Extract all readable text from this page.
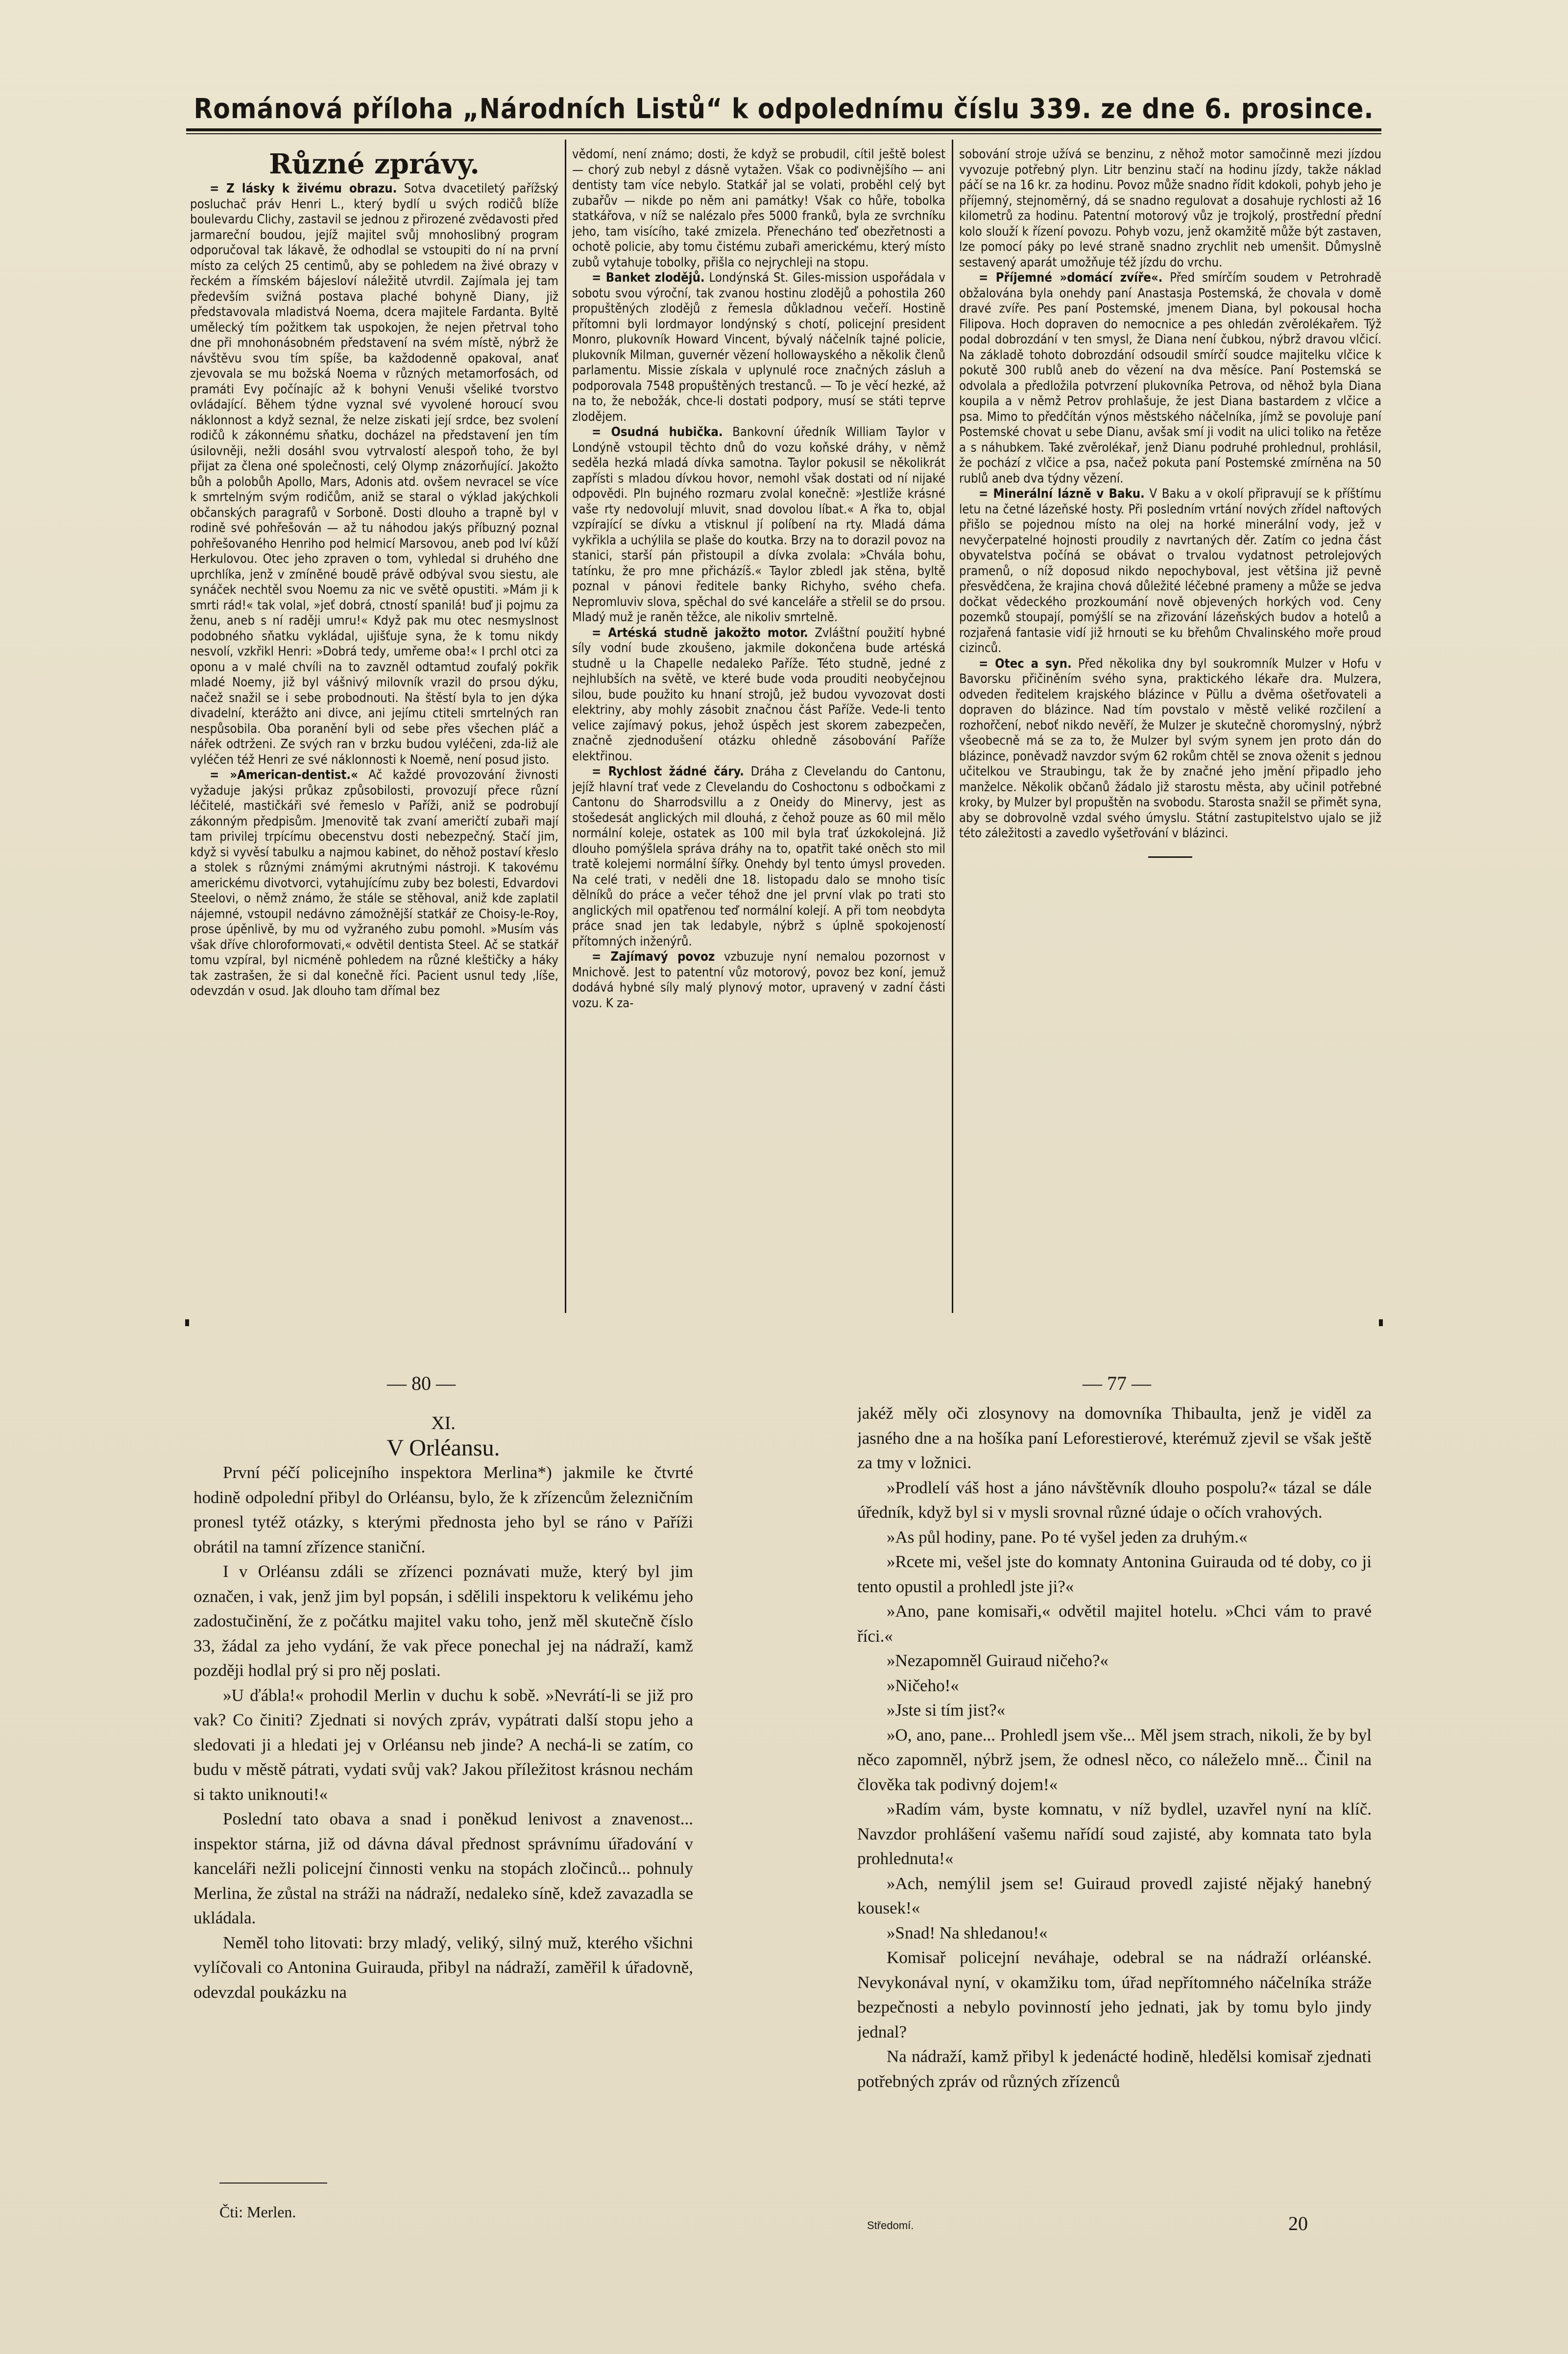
Románová příloha „Národních Listů“ k odpolednímu číslu 339. ze dne 6. prosince.

Různé zprávy.

= Z lásky k živému obrazu. Sotva dvacetiletý pařížský posluchač práv Henri L., který bydlí u svých rodičů blíže boulevardu Clichy, zastavil se jednou z přirozené zvědavosti před jarmareční boudou, jejíž majitel svůj mnohoslibný program odporučoval tak lákavě, že odhodlal se vstoupiti do ní na první místo za celých 25 centimů, aby se pohledem na živé obrazy v řeckém a římském bájesloví náležitě utvrdil. Zajímala jej tam především svižná postava plaché bohyně Diany, již představovala mladistvá Noema, dcera majitele Fardanta. Byltě umělecký tím požitkem tak uspokojen, že nejen přetrval toho dne při mnohonásobném představení na svém místě, nýbrž že návštěvu svou tím spíše, ba každodenně opakoval, anať zjevovala se mu božská Noema v různých metamorfosách, od pramáti Evy počínajíc až k bohyni Venuši všeliké tvorstvo ovládající. Během týdne vyznal své vyvolené horoucí svou náklonnost a když seznal, že nelze ziskati její srdce, bez svolení rodičů k zákonnému sňatku, docházel na představení jen tím úsilovněji, nežli dosáhl svou vytrvalostí alespoň toho, že byl přijat za člena oné společnosti, celý Olymp znázorňující. Jakožto bůh a polobůh Apollo, Mars, Adonis atd. ovšem nevracel se více k smrtelným svým rodičům, aniž se staral o výklad jakýchkoli občanských paragrafů v Sorboně. Dosti dlouho a trapně byl v rodině své pohřešován — až tu náhodou jakýs příbuzný poznal pohřešovaného Henriho pod helmicí Marsovou, aneb pod lví kůží Herkulovou. Otec jeho zpraven o tom, vyhledal si druhého dne uprchlíka, jenž v zmíněné boudě právě odbýval svou siestu, ale synáček nechtěl svou Noemu za nic ve světě opustiti. »Mám ji k smrti rád!« tak volal, »jeť dobrá, ctností spanilá! buď ji pojmu za ženu, aneb s ní raději umru!« Když pak mu otec nesmyslnost podobného sňatku vykládal, ujišťuje syna, že k tomu nikdy nesvolí, vzkřikl Henri: »Dobrá tedy, umřeme oba!« I prchl otci za oponu a v malé chvíli na to zavzněl odtamtud zoufalý pokřik mladé Noemy, již byl vášnivý milovník vrazil do prsou dýku, načež snažil se i sebe probodnouti. Na štěstí byla to jen dýka divadelní, kterážto ani divce, ani jejímu ctiteli smrtelných ran nespůsobila. Oba poranění byli od sebe přes všechen pláč a nářek odtrženi. Ze svých ran v brzku budou vyléčeni, zda-liž ale vyléčen též Henri ze své náklonnosti k Noemě, není posud jisto.

= »American-dentist.« Ač každé provozování živnosti vyžaduje jakýsi průkaz způsobilosti, provozují přece různí léčitelé, mastičkáři své řemeslo v Paříži, aniž se podrobují zákonným předpisům. Jmenovitě tak zvaní američtí zubaři mají tam privilej trpícímu obecenstvu dosti nebezpečný. Stačí jim, když si vyvěsí tabulku a najmou kabinet, do něhož postaví křeslo a stolek s různými známými akrutnými nástroji. K takovému americkému divotvorci, vytahujícímu zuby bez bolesti, Edvardovi Steelovi, o němž známo, že stále se stěhoval, aniž kde zaplatil nájemné, vstoupil nedávno zámožnější statkář ze Choisy-le-Roy, prose úpěnlivě, by mu od vyžraného zubu pomohl. »Musím vás však dříve chloroformovati,« odvětil dentista Steel. Ač se statkář tomu vzpíral, byl nicméně pohledem na různé kleštičky a háky tak zastrašen, že si dal konečně říci. Pacient usnul tedy ‚líše, odevzdán v osud. Jak dlouho tam dřímal bez

vědomí, není známo; dosti, že když se probudil, cítil ještě bolest — chorý zub nebyl z dásně vytažen. Však co podivnějšího — ani dentisty tam více nebylo. Statkář jal se volati, proběhl celý byt zubařův — nikde po něm ani památky! Však co hůře, tobolka statkářova, v níž se nalézalo přes 5000 franků, byla ze svrchníku jeho, tam visícího, také zmizela. Přenecháno teď obezřetnosti a ochotě policie, aby tomu čistému zubaři americkému, který místo zubů vytahuje tobolky, přišla co nejrychleji na stopu.

= Banket zlodějů. Londýnská St. Giles-mission uspořádala v sobotu svou výroční, tak zvanou hostinu zlodějů a pohostila 260 propuštěných zlodějů z řemesla důkladnou večeří. Hostině přítomni byli lordmayor londýnský s chotí, policejní president Monro, plukovník Howard Vincent, bývalý náčelník tajné policie, plukovník Milman, guvernér vězení hollowayského a několik členů parlamentu. Missie získala v uplynulé roce značných zásluh a podporovala 7548 propuštěných trestanců. — To je věcí hezké, až na to, že nebožák, chce-li dostati podpory, musí se státi teprve zlodějem.

= Osudná hubička. Bankovní úředník William Taylor v Londýně vstoupil těchto dnů do vozu koňské dráhy, v němž seděla hezká mladá dívka samotna. Taylor pokusil se několikrát zapřísti s mladou dívkou hovor, nemohl však dostati od ní nijaké odpovědi. Pln bujného rozmaru zvolal konečně: »Jestliže krásné vaše rty nedovolují mluvit, snad dovolou líbat.« A řka to, objal vzpírající se dívku a vtisknul jí políbení na rty. Mladá dáma vykřikla a uchýlila se plaše do koutka. Brzy na to dorazil povoz na stanici, starší pán přistoupil a dívka zvolala: »Chvála bohu, tatínku, že pro mne přicházíš.« Taylor zbledl jak stěna, byltě poznal v pánovi ředitele banky Richyho, svého chefa. Nepromluviv slova, spěchal do své kanceláře a střelil se do prsou. Mladý muž je raněn těžce, ale nikoliv smrtelně.

= Artéská studně jakožto motor. Zvláštní použití hybné síly vodní bude zkoušeno, jakmile dokončena bude artéská studně u la Chapelle nedaleko Paříže. Této studně, jedné z nejhlubších na světě, ve které bude voda prouditi neobyčejnou silou, bude použito ku hnaní strojů, jež budou vyvozovat dosti elektriny, aby mohly zásobit značnou část Paříže. Vede-li tento velice zajímavý pokus, jehož úspěch jest skorem zabezpečen, značně zjednodušení otázku ohledně zásobování Paříže elektřinou.

= Rychlost žádné čáry. Dráha z Clevelandu do Cantonu, jejíž hlavní trať vede z Clevelandu do Coshoctonu s odbočkami z Cantonu do Sharrodsvillu a z Oneidy do Minervy, jest as stošedesát anglických mil dlouhá, z čehož pouze as 60 mil mělo normální koleje, ostatek as 100 mil byla trať úzkokolejná. Již dlouho pomýšlela správa dráhy na to, opatřit také oněch sto mil tratě kolejemi normální šířky. Onehdy byl tento úmysl proveden. Na celé trati, v neděli dne 18. listopadu dalo se mnoho tisíc dělníků do práce a večer téhož dne jel první vlak po trati sto anglických mil opatřenou teď normální kolejí. A při tom neobdyta práce snad jen tak ledabyle, nýbrž s úplně spokojeností přítomných inženýrů.

= Zajímavý povoz vzbuzuje nyní nemalou pozornost v Mnichově. Jest to patentní vůz motorový, povoz bez koní, jemuž dodává hybné síly malý plynový motor, upravený v zadní části vozu. K za-

sobování stroje užívá se benzinu, z něhož motor samočinně mezi jízdou vyvozuje potřebný plyn. Litr benzinu stačí na hodinu jízdy, takže náklad páčí se na 16 kr. za hodinu. Povoz může snadno řídit kdokoli, pohyb jeho je příjemný, stejnoměrný, dá se snadno regulovat a dosahuje rychlosti až 16 kilometrů za hodinu. Patentní motorový vůz je trojkolý, prostřední přední kolo slouží k řízení povozu. Pohyb vozu, jenž okamžitě může být zastaven, lze pomocí páky po levé straně snadno zrychlit neb umenšit. Důmyslně sestavený aparát umožňuje též jízdu do vrchu.

= Příjemné »domácí zvíře«. Před smírčím soudem v Petrohradě obžalována byla onehdy paní Anastasja Postemská, že chovala v domě dravé zvíře. Pes paní Postemské, jmenem Diana, byl pokousal hocha Filipova. Hoch dopraven do nemocnice a pes ohledán zvěrolékařem. Týž podal dobrozdání v ten smysl, že Diana není čubkou, nýbrž dravou vlčicí. Na základě tohoto dobrozdání odsoudil smírčí soudce majitelku vlčice k pokutě 300 rublů aneb do vězení na dva měsíce. Paní Postemská se odvolala a předložila potvrzení plukovníka Petrova, od něhož byla Diana koupila a v němž Petrov prohlašuje, že jest Diana bastardem z vlčice a psa. Mimo to předčítán výnos městského náčelníka, jímž se povoluje paní Postemské chovat u sebe Dianu, avšak smí ji vodit na ulici toliko na řetěze a s náhubkem. Také zvěrolékař, jenž Dianu podruhé prohlednul, prohlásil, že pochází z vlčice a psa, načež pokuta paní Postemské zmírněna na 50 rublů aneb dva týdny vězení.

= Minerální lázně v Baku. V Baku a v okolí připravují se k příštímu letu na četné lázeňské hosty. Při posledním vrtání nových zřídel naftových přišlo se pojednou místo na olej na horké minerální vody, jež v nevyčerpatelné hojnosti proudily z navrtaných děr. Zatím co jedna část obyvatelstva počíná se obávat o trvalou vydatnost petrolejových pramenů, o níž doposud nikdo nepochyboval, jest většina již pevně přesvědčena, že krajina chová důležité léčebné prameny a může se jedva dočkat vědeckého prozkoumání nově objevených horkých vod. Ceny pozemků stoupají, pomýšlí se na zřizování lázeňských budov a hotelů a rozjařená fantasie vidí již hrnouti se ku břehům Chvalinského moře proud cizinců.

= Otec a syn. Před několika dny byl soukromník Mulzer v Hofu v Bavorsku přičiněním svého syna, praktického lékaře dra. Mulzera, odveden ředitelem krajského blázince v Püllu a dvěma ošetřovateli a dopraven do blázince. Nad tím povstalo v městě veliké rozčilení a rozhořčení, neboť nikdo nevěří, že Mulzer je skutečně choromyslný, nýbrž všeobecně má se za to, že Mulzer byl svým synem jen proto dán do blázince, poněvadž navzdor svým 62 rokům chtěl se znova oženit s jednou učitelkou ve Straubingu, tak že by značné jeho jmění připadlo jeho manželce. Několik občanů žádalo již starostu města, aby učinil potřebné kroky, by Mulzer byl propuštěn na svobodu. Starosta snažil se přimět syna, aby se dobrovolně vzdal svého úmyslu. Státní zastupitelstvo ujalo se již této záležitosti a zavedlo vyšetřování v blázinci.

— 80 —	— 77 —

XI.

V Orléansu.

První péčí policejního inspektora Merlina*) jakmile ke čtvrté hodině odpolední přibyl do Orléansu, bylo, že k zřízencům železničním pronesl tytéž otázky, s kterými přednosta jeho byl se ráno v Paříži obrátil na tamní zřízence staniční.

I v Orléansu zdáli se zřízenci poznávati muže, který byl jim označen, i vak, jenž jim byl popsán, i sdělili inspektoru k velikému jeho zadostučinění, že z počátku majitel vaku toho, jenž měl skutečně číslo 33, žádal za jeho vydání, že vak přece ponechal jej na nádraží, kamž později hodlal prý si pro něj poslati.

»U ďábla!« prohodil Merlin v duchu k sobě. »Nevrátí-li se již pro vak? Co činiti? Zjednati si nových zpráv, vypátrati další stopu jeho a sledovati ji a hledati jej v Orléansu neb jinde? A nechá-li se zatím, co budu v městě pátrati, vydati svůj vak? Jakou příležitost krásnou nechám si takto uniknouti!«

Poslední tato obava a snad i poněkud lenivost a znavenost... inspektor stárna, již od dávna dával přednost správnímu úřadování v kanceláři nežli policejní činnosti venku na stopách zločinců... pohnuly Merlina, že zůstal na stráži na nádraží, nedaleko síně, kdež zavazadla se ukládala.

Neměl toho litovati: brzy mladý, veliký, silný muž, kterého všichni vylíčovali co Antonina Guirauda, přibyl na nádraží, zaměřil k úřadovně, odevzdal poukázku na

Čti: Merlen.

jakéž měly oči zlosynovy na domovníka Thibaulta, jenž je viděl za jasného dne a na hošíka paní Leforestierové, kterémuž zjevil se však ještě za tmy v ložnici.

»Prodlelí váš host a jáno návštěvník dlouho pospolu?« tázal se dále úředník, když byl si v mysli srovnal různé údaje o očích vrahových.

»As půl hodiny, pane. Po té vyšel jeden za druhým.«

»Rcete mi, vešel jste do komnaty Antonina Guirauda od té doby, co ji tento opustil a prohledl jste ji?«

»Ano, pane komisaři,« odvětil majitel hotelu. »Chci vám to pravé říci.«

»Nezapomněl Guiraud ničeho?«

»Ničeho!«

»Jste si tím jist?«

»O, ano, pane... Prohledl jsem vše... Měl jsem strach, nikoli, že by byl něco zapomněl, nýbrž jsem, že odnesl něco, co náleželo mně... Činil na člověka tak podivný dojem!«

»Radím vám, byste komnatu, v níž bydlel, uzavřel nyní na klíč. Navzdor prohlášení vašemu nařídí soud zajisté, aby komnata tato byla prohlednuta!«

»Ach, nemýlil jsem se! Guiraud provedl zajisté nějaký hanebný kousek!«

»Snad! Na shledanou!«

Komisař policejní neváhaje, odebral se na nádraží orléanské. Nevykonával nyní, v okamžiku tom, úřad nepřítomného náčelníka stráže bezpečnosti a nebylo povinností jeho jednati, jak by tomu bylo jindy jednal?

Na nádraží, kamž přibyl k jedenácté hodině, hledělsi komisař zjednati potřebných zpráv od různých zřízenců

Středomí.	20
